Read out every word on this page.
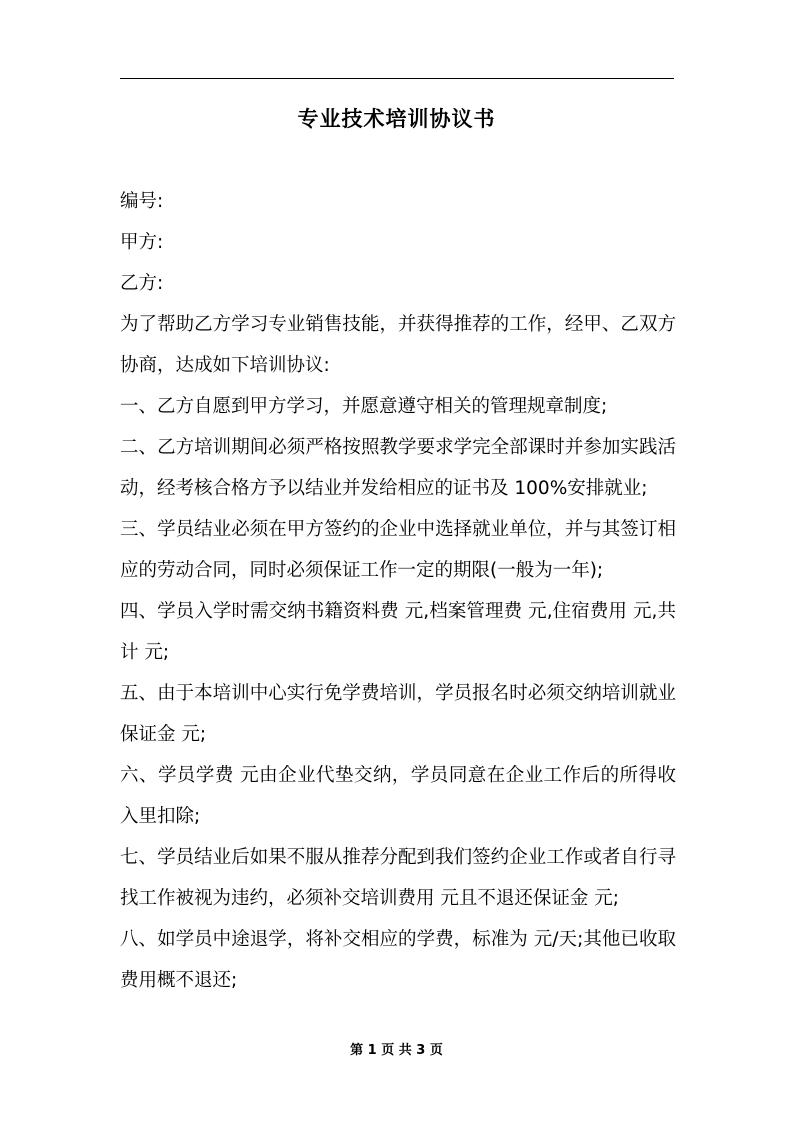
专业技术培训协议书

编号:

甲方:

乙方:

为了帮助乙方学习专业销售技能，并获得推荐的工作，经甲、乙双方协商，达成如下培训协议:

一、乙方自愿到甲方学习，并愿意遵守相关的管理规章制度;

二、乙方培训期间必须严格按照教学要求学完全部课时并参加实践活动，经考核合格方予以结业并发给相应的证书及 100%安排就业;

三、学员结业必须在甲方签约的企业中选择就业单位，并与其签订相应的劳动合同，同时必须保证工作一定的期限(一般为一年);

四、学员入学时需交纳书籍资料费 元,档案管理费 元,住宿费用 元,共计 元;

五、由于本培训中心实行免学费培训，学员报名时必须交纳培训就业保证金 元;

六、学员学费 元由企业代垫交纳，学员同意在企业工作后的所得收入里扣除;

七、学员结业后如果不服从推荐分配到我们签约企业工作或者自行寻找工作被视为违约，必须补交培训费用 元且不退还保证金 元;

八、如学员中途退学，将补交相应的学费，标准为 元/天;其他已收取费用概不退还;

第 1 页 共 3 页
